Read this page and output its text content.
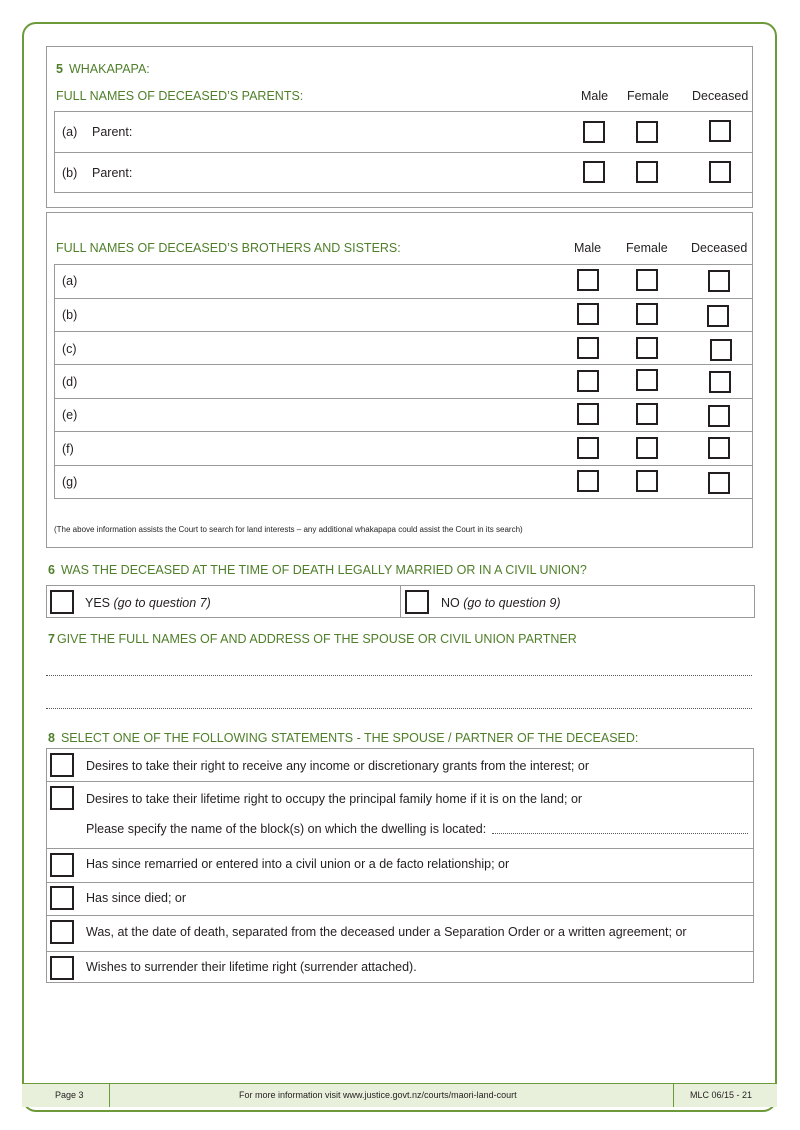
5 WHAKAPAPA:
FULL NAMES OF DECEASED’S PARENTS:	Male Female Deceased
(a) Parent:
(b) Parent:
FULL NAMES OF DECEASED’S BROTHERS AND SISTERS:	Male Female Deceased
(a)
(b)
(c)
(d)
(e)
(f)
(g)
(The above information assists the Court to search for land interests – any additional whakapapa could assist the Court in its search)
6 WAS THE DECEASED AT THE TIME OF DEATH LEGALLY MARRIED OR IN A CIVIL UNION?
YES (go to question 7)	NO (go to question 9)
7 GIVE THE FULL NAMES OF AND ADDRESS OF THE SPOUSE OR CIVIL UNION PARTNER
8 SELECT ONE OF THE FOLLOWING STATEMENTS - THE SPOUSE / PARTNER OF THE DECEASED:
Desires to take their right to receive any income or discretionary grants from the interest; or
Desires to take their lifetime right to occupy the principal family home if it is on the land; or
Please specify the name of the block(s) on which the dwelling is located:
Has since remarried or entered into a civil union or a de facto relationship; or
Has since died; or
Was, at the date of death, separated from the deceased under a Separation Order or a written agreement; or
Wishes to surrender their lifetime right (surrender attached).
Page 3	For more information visit www.justice.govt.nz/courts/maori-land-court	MLC 06/15 - 21
